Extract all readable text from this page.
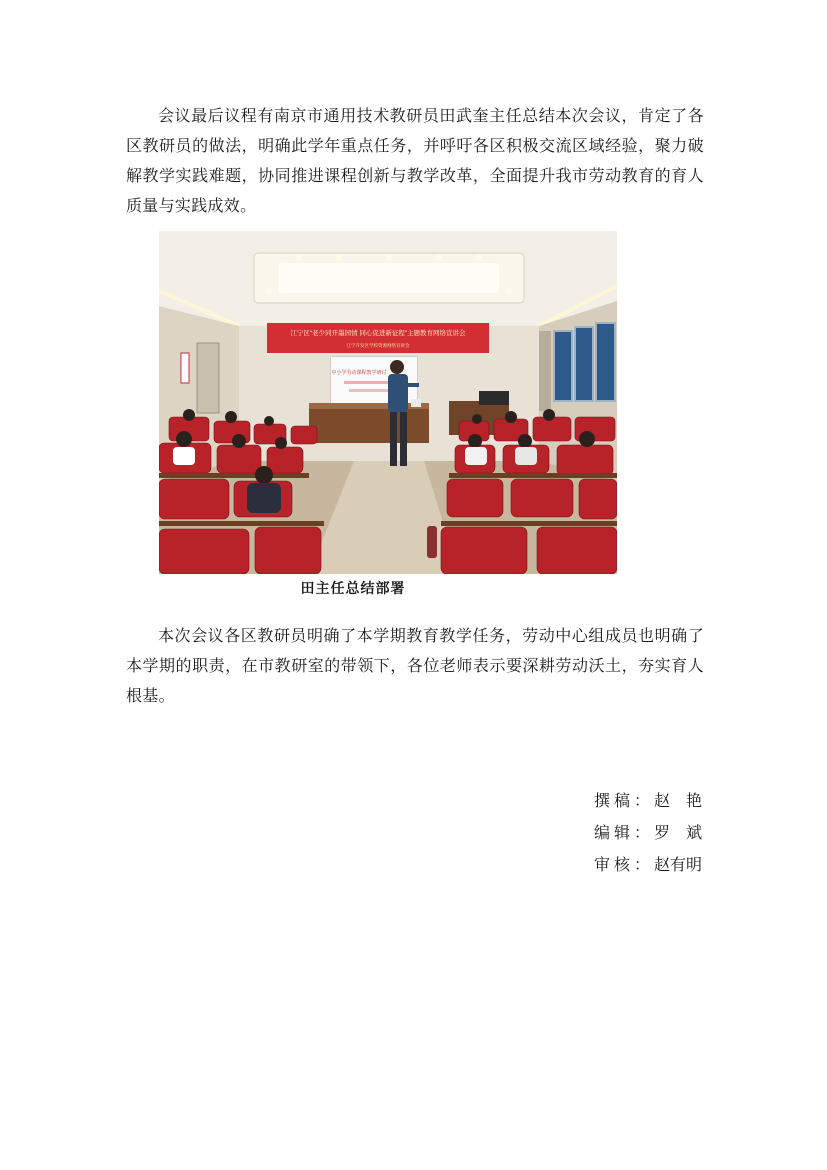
会议最后议程有南京市通用技术教研员田武奎主任总结本次会议，肯定了各区教研员的做法，明确此学年重点任务，并呼吁各区积极交流区域经验，聚力破解教学实践难题，协同推进课程创新与教学改革，全面提升我市劳动教育的育人质量与实践成效。

江宁区“老少同开墨园情 同心促进新征程”主题教育网络宣讲会
江宁开发区学校资源网络宣讲会
中小学劳动课程教学研讨
田主任总结部署

本次会议各区教研员明确了本学期教育教学任务，劳动中心组成员也明确了本学期的职责，在市教研室的带领下，各位老师表示要深耕劳动沃土，夯实育人根基。

撰稿：赵　艳
编辑：罗　斌
审核：赵有明
